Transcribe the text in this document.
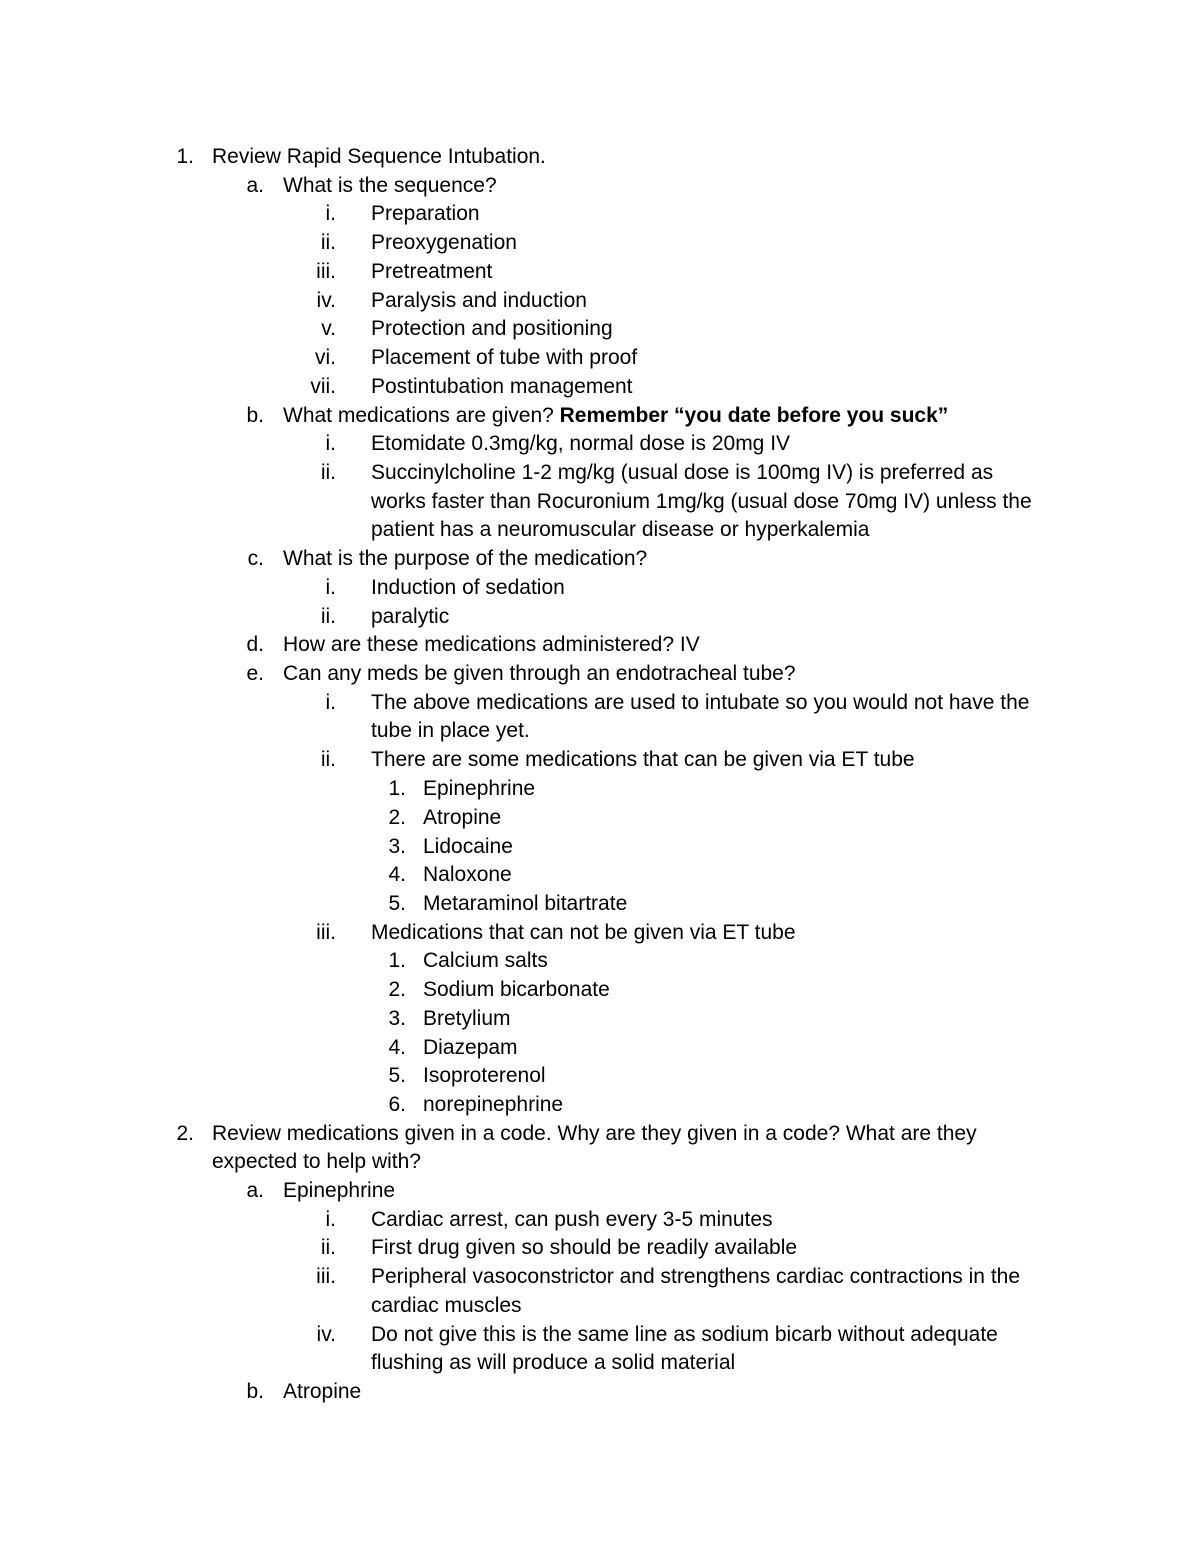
1. Review Rapid Sequence Intubation.
a. What is the sequence?
i. Preparation
ii. Preoxygenation
iii. Pretreatment
iv. Paralysis and induction
v. Protection and positioning
vi. Placement of tube with proof
vii. Postintubation management
b. What medications are given? Remember “you date before you suck”
i. Etomidate 0.3mg/kg, normal dose is 20mg IV
ii. Succinylcholine 1-2 mg/kg (usual dose is 100mg IV) is preferred as
works faster than Rocuronium 1mg/kg (usual dose 70mg IV) unless the
patient has a neuromuscular disease or hyperkalemia
c. What is the purpose of the medication?
i. Induction of sedation
ii. paralytic
d. How are these medications administered? IV
e. Can any meds be given through an endotracheal tube?
i. The above medications are used to intubate so you would not have the
tube in place yet.
ii. There are some medications that can be given via ET tube
1. Epinephrine
2. Atropine
3. Lidocaine
4. Naloxone
5. Metaraminol bitartrate
iii. Medications that can not be given via ET tube
1. Calcium salts
2. Sodium bicarbonate
3. Bretylium
4. Diazepam
5. Isoproterenol
6. norepinephrine
2. Review medications given in a code. Why are they given in a code? What are they
expected to help with?
a. Epinephrine
i. Cardiac arrest, can push every 3-5 minutes
ii. First drug given so should be readily available
iii. Peripheral vasoconstrictor and strengthens cardiac contractions in the
cardiac muscles
iv. Do not give this is the same line as sodium bicarb without adequate
flushing as will produce a solid material
b. Atropine
